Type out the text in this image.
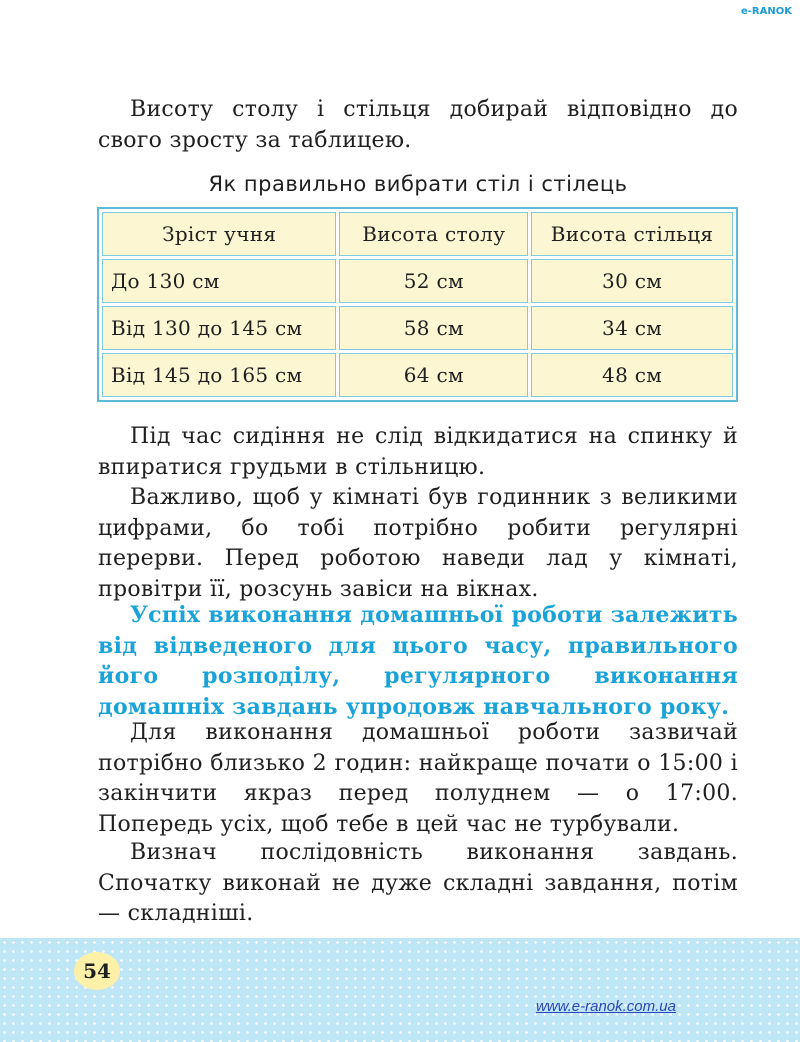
e-RANOK

Висоту столу і стільця добирай відповідно до свого зросту за таблицею.

Як правильно вибрати стіл і стілець

Зріст учня	Висота столу	Висота стільця
До 130 см	52 см	30 см
Від 130 до 145 см	58 см	34 см
Від 145 до 165 см	64 см	48 см

Під час сидіння не слід відкидатися на спинку й впиратися грудьми в стільницю.

Важливо, щоб у кімнаті був годинник з великими цифрами, бо тобі потрібно робити регулярні перерви. Перед роботою наведи лад у кімнаті, провітри її, розсунь завіси на вікнах.

Успіх виконання домашньої роботи залежить від відведеного для цього часу, правильного його розподілу, регулярного виконання домашніх завдань упродовж навчального року.

Для виконання домашньої роботи зазвичай потрібно близько 2 годин: найкраще почати о 15:00 і закінчити якраз перед полуднем — о 17:00. Попередь усіх, щоб тебе в цей час не турбували.

Визнач послідовність виконання завдань. Спочатку виконай не дуже складні завдання, потім — складніші.

54
www.e-ranok.com.ua
